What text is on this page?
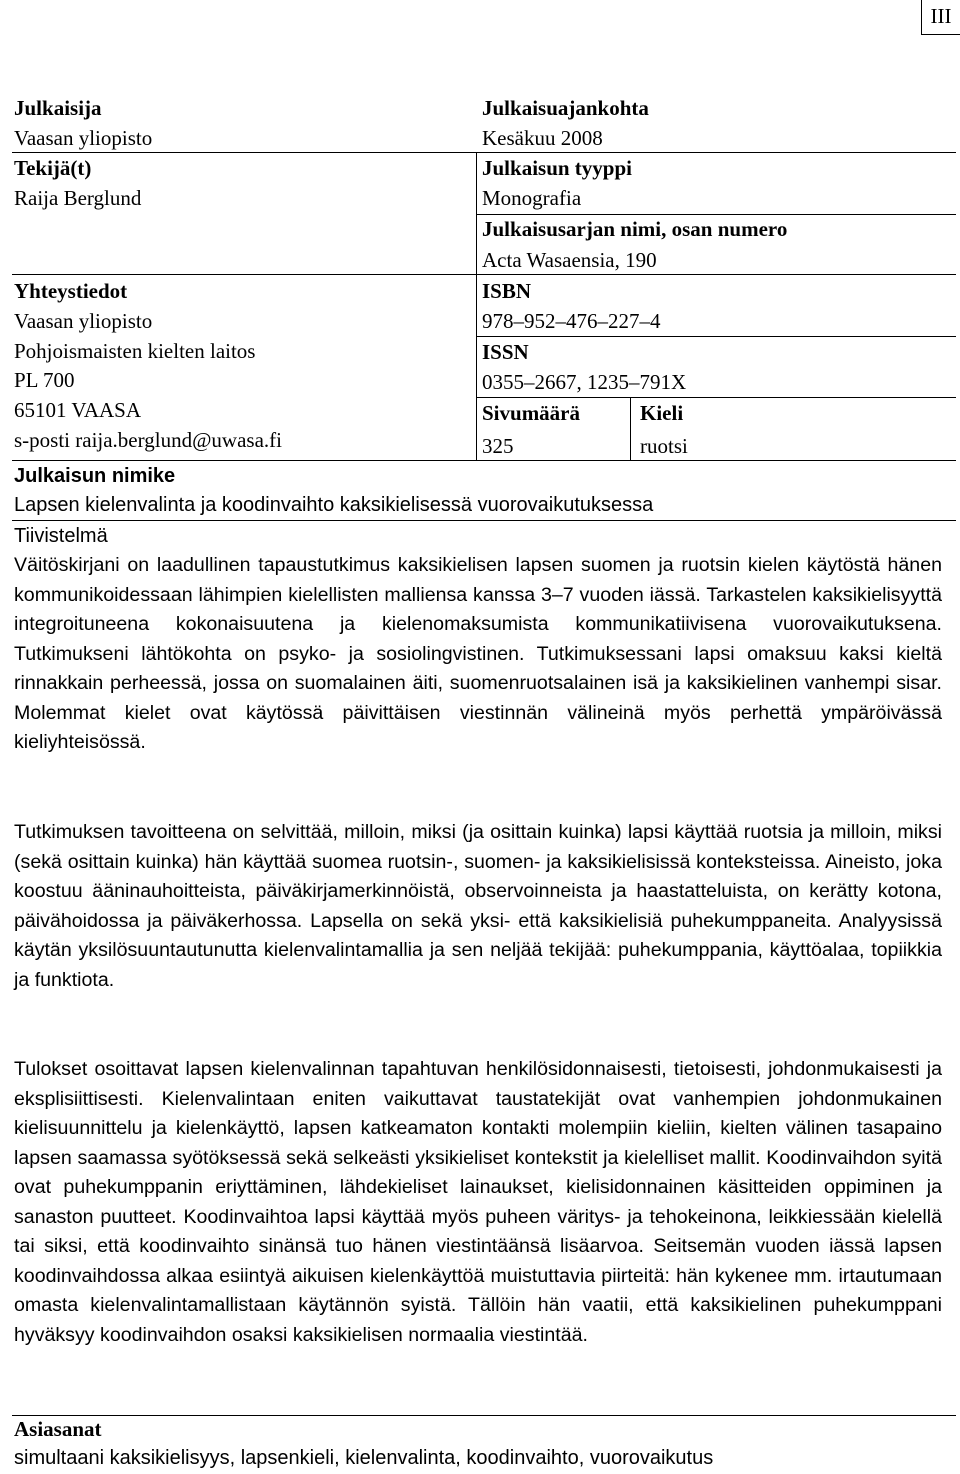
III
Julkaisija
Vaasan yliopisto
Julkaisuajankohta
Kesäkuu 2008
Tekijä(t)
Raija Berglund
Julkaisun tyyppi
Monografia
Julkaisusarjan nimi, osan numero
Acta Wasaensia, 190
Yhteystiedot
Vaasan yliopisto
Pohjoismaisten kielten laitos
PL 700
65101 VAASA
s-posti raija.berglund@uwasa.fi
ISBN
978–952–476–227–4
ISSN
0355–2667, 1235–791X
Sivumäärä
325
Kieli
ruotsi
Julkaisun nimike
Lapsen kielenvalinta ja koodinvaihto kaksikielisessä vuorovaikutuksessa
Tiivistelmä
Väitöskirjani on laadullinen tapaustutkimus kaksikielisen lapsen suomen ja ruotsin kielen käytöstä hänen kommunikoidessaan lähimpien kielellisten malliensa kanssa 3–7 vuoden iässä. Tarkastelen kaksikielisyyttä integroituneena kokonaisuutena ja kielenomaksumista kommunikatiivisena vuorovaikutuksena. Tutkimukseni lähtökohta on psyko- ja sosiolingvistinen. Tutkimuksessani lapsi omaksuu kaksi kieltä rinnakkain perheessä, jossa on suomalainen äiti, suomenruotsalainen isä ja kaksikielinen vanhempi sisar. Molemmat kielet ovat käytössä päivittäisen viestinnän välineinä myös perhettä ympäröivässä kieliyhteisössä.
Tutkimuksen tavoitteena on selvittää, milloin, miksi (ja osittain kuinka) lapsi käyttää ruotsia ja milloin, miksi (sekä osittain kuinka) hän käyttää suomea ruotsin-, suomen- ja kaksikielisissä konteksteissa. Aineisto, joka koostuu ääninauhoitteista, päiväkirjamerkinnöistä, observoinneista ja haastatteluista, on kerätty kotona, päivähoidossa ja päiväkerhossa. Lapsella on sekä yksi- että kaksikielisiä puhekumppaneita. Analyysissä käytän yksilösuuntautunutta kielenvalintamallia ja sen neljää tekijää: puhekumppania, käyttöalaa, topiikkia ja funktiota.
Tulokset osoittavat lapsen kielenvalinnan tapahtuvan henkilösidonnaisesti, tietoisesti, johdonmukaisesti ja eksplisiittisesti. Kielenvalintaan eniten vaikuttavat taustatekijät ovat vanhempien johdonmukainen kielisuunnittelu ja kielenkäyttö, lapsen katkeamaton kontakti molempiin kieliin, kielten välinen tasapaino lapsen saamassa syötöksessä sekä selkeästi yksikieliset kontekstit ja kielelliset mallit. Koodinvaihdon syitä ovat puhekumppanin eriyttäminen, lähdekieliset lainaukset, kielisidonnainen käsitteiden oppiminen ja sanaston puutteet. Koodinvaihtoa lapsi käyttää myös puheen väritys- ja tehokeinona, leikkiessään kielellä tai siksi, että koodinvaihto sinänsä tuo hänen viestintäänsä lisäarvoa. Seitsemän vuoden iässä lapsen koodinvaihdossa alkaa esiintyä aikuisen kielenkäyttöä muistuttavia piirteitä: hän kykenee mm. irtautumaan omasta kielenvalintamallistaan käytännön syistä. Tällöin hän vaatii, että kaksikielinen puhekumppani hyväksyy koodinvaihdon osaksi kaksikielisen normaalia viestintää.
Asiasanat
simultaani kaksikielisyys, lapsenkieli, kielenvalinta, koodinvaihto, vuorovaikutus
